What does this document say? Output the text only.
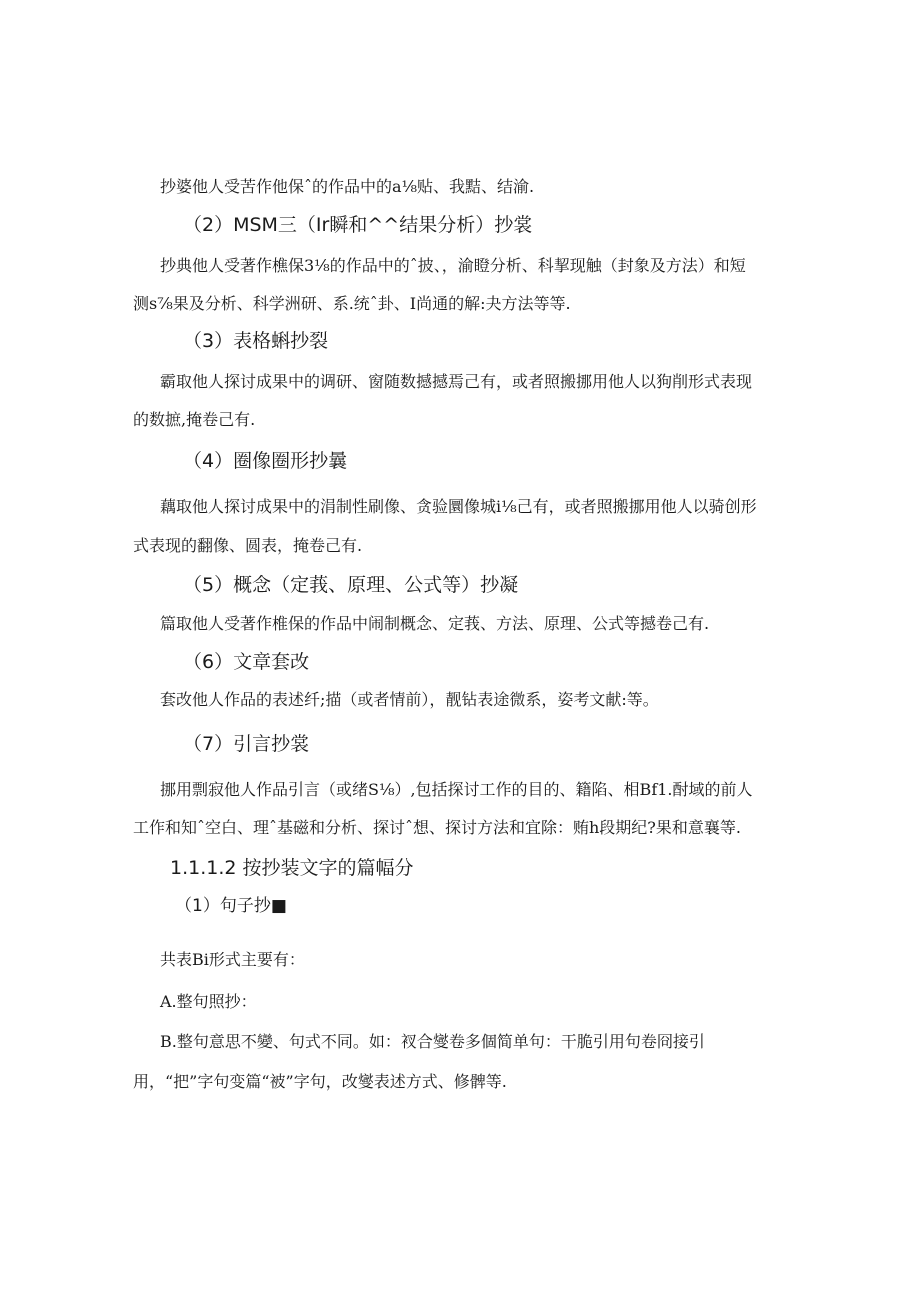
抄婆他人受苦作他保ˆ的作品中的a⅛贴、我黠、结渝.

（2）MSM三（Ir瞬和^^结果分析）抄裳

抄典他人受著作樵保3⅛的作品中的ˆ披、，渝瞪分析、科挈现触（封象及方法）和短

测s⅞果及分析、科学洲研、系.统ˆ卦、I尚通的解:夬方法等等.

（3）表格蝌抄裂

霸取他人探讨成果中的调研、窗随数撼撼焉己有，或者照搬挪用他人以狗削形式表现

的数摭,掩卷己有.

（4）圈像圈形抄曩

藕取他人探讨成果中的涓制性刷像、贪验圜像城i⅛己有，或者照搬挪用他人以骑创形

式表现的翻像、圆表，掩卷己有.

（5）概念（定莪、原理、公式等）抄凝

篇取他人受著作椎保的作品中闹制概念、定莪、方法、原理、公式等撼卷己有.

（6）文章套改

套改他人作品的表述纤;描（或者情前），靓钻表途微系，姿考文献:等。

（7）引言抄裳

挪用剽寂他人作品引言（或绪S⅛）,包括探讨工作的目的、籍陷、相Bf1.酎域的前人

工作和知ˆ空白、理ˆ基磁和分析、探讨ˆ想、探讨方法和宜除：贿h段期纪?果和意襄等.

1.1.1.2 按抄装文字的篇幅分

（1）句子抄■

共表Bi形式主要有：

A.整句照抄：

B.整句意思不變、句式不同。如：衩合燮卷多個简单句：干脆引用句卷冏接引

用，“把”字句变篇“被”字句，改燮表述方式、修髀等.
